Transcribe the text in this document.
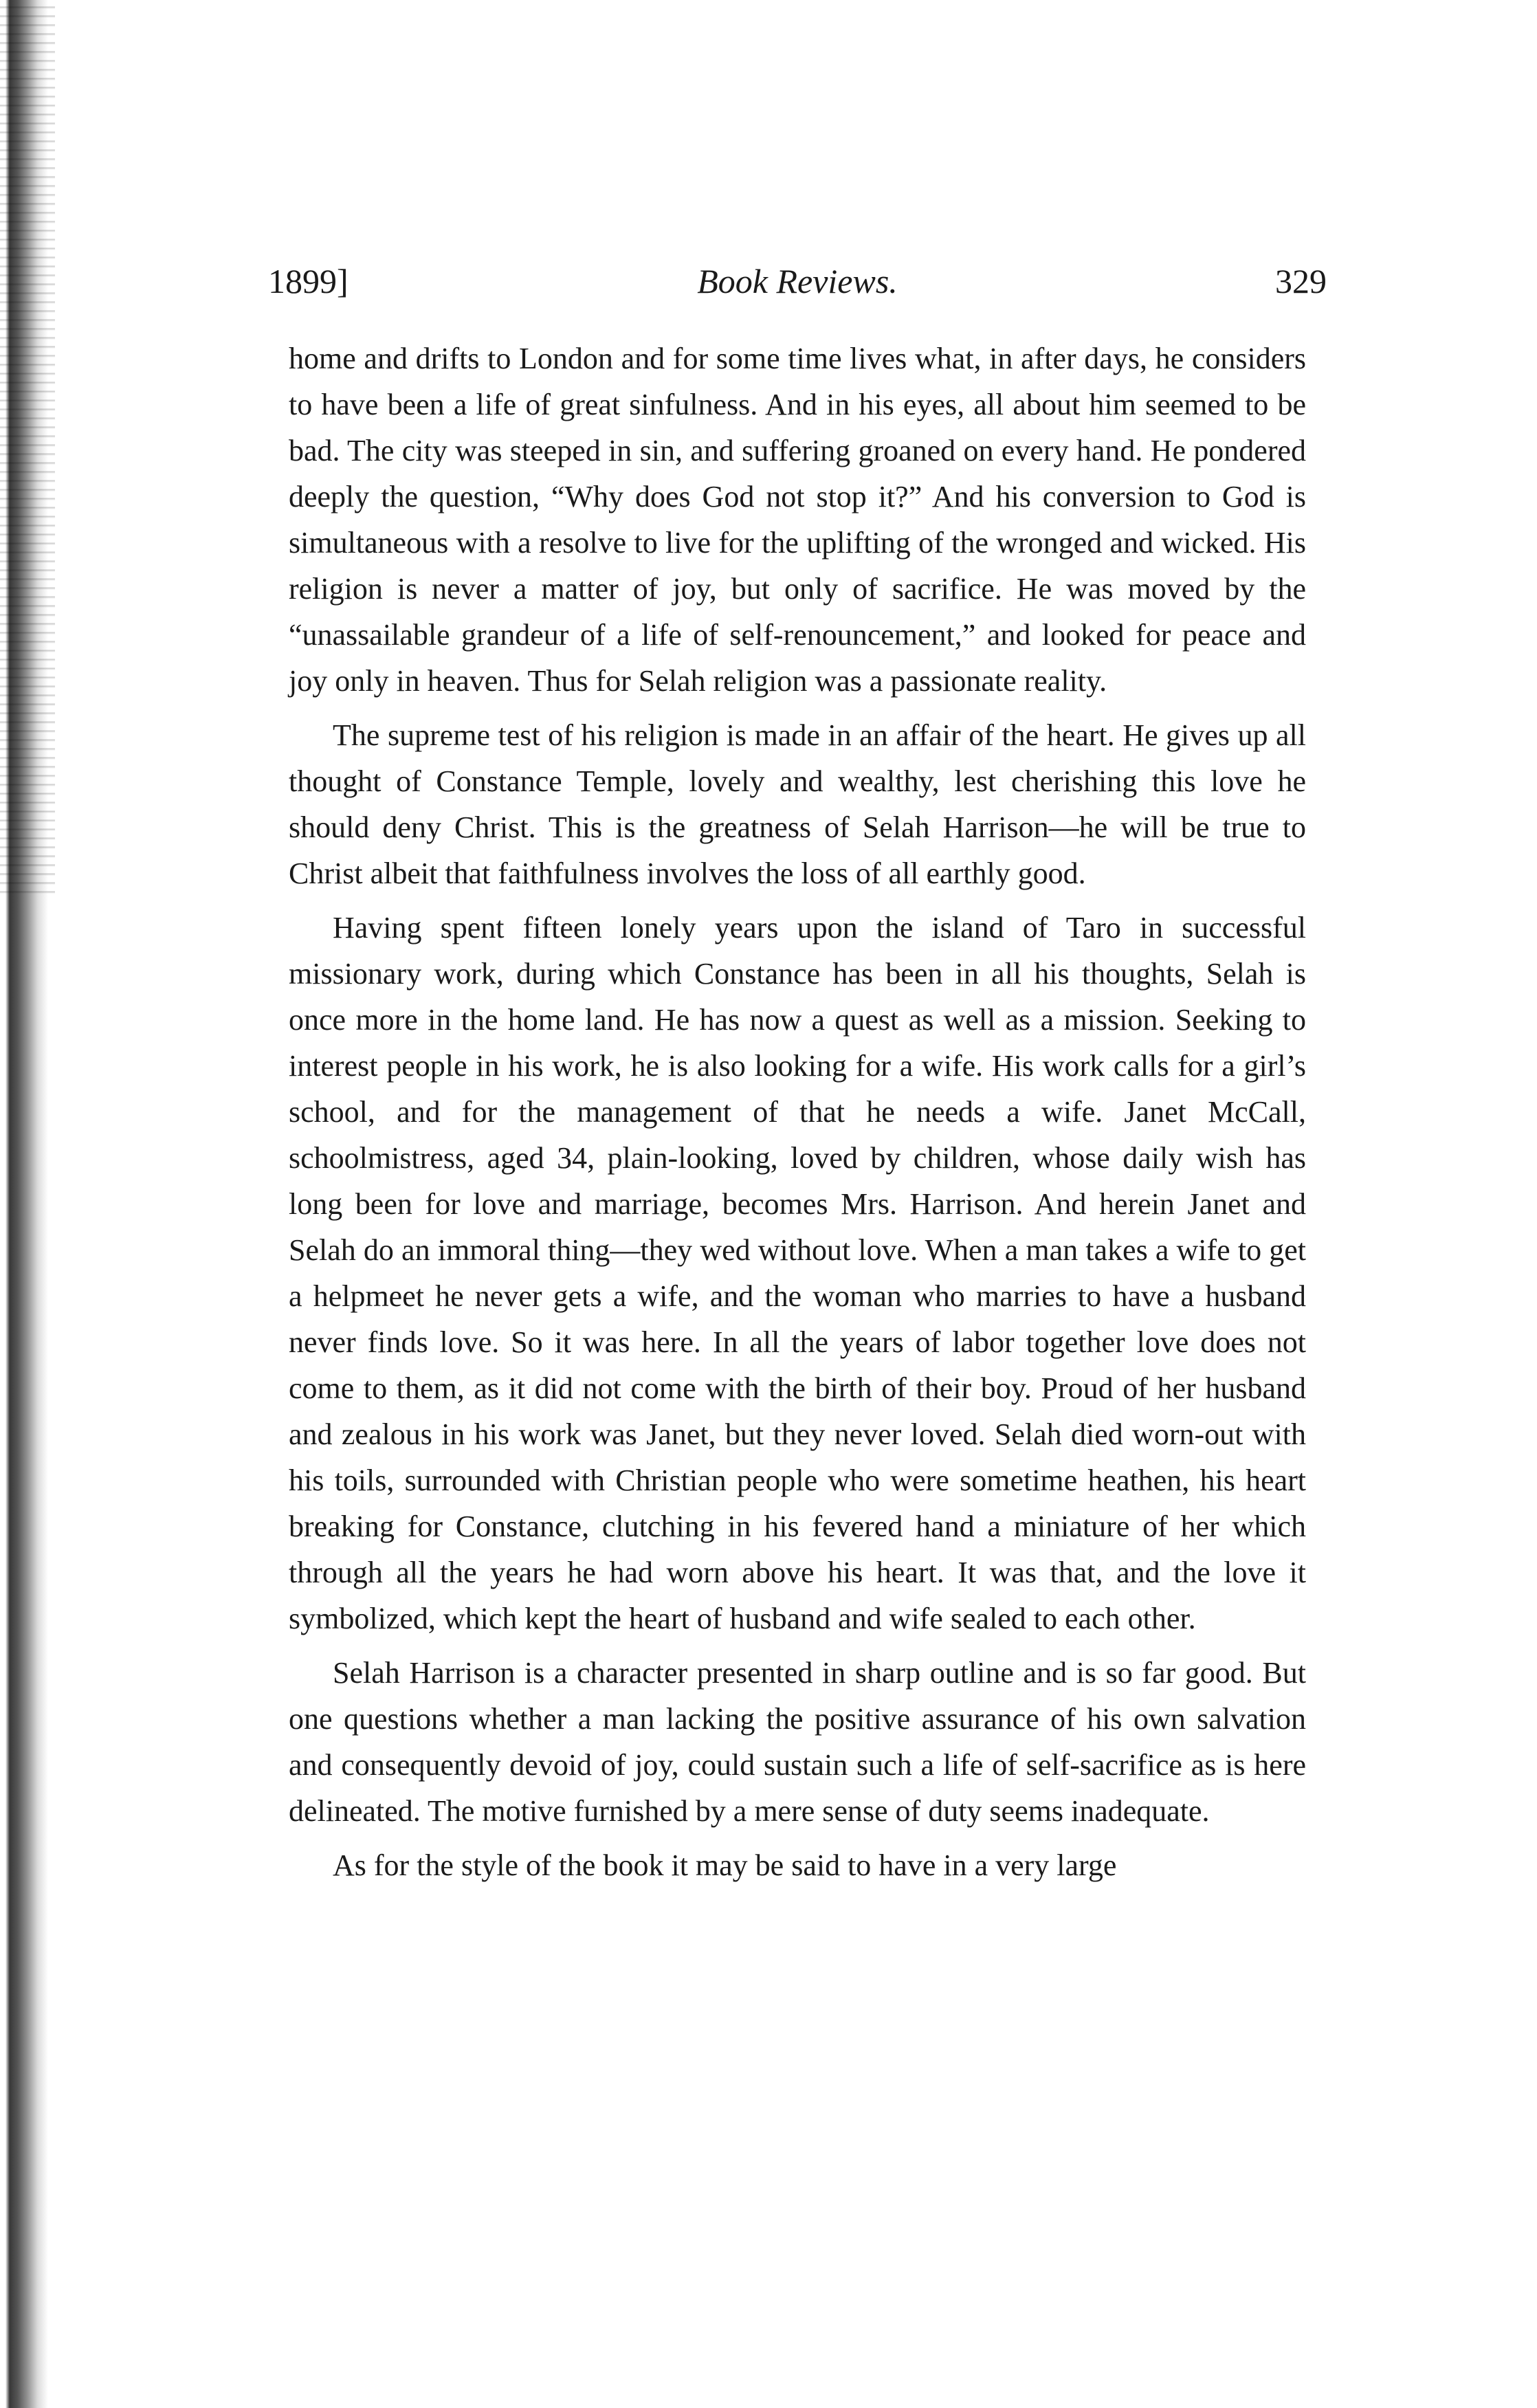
1899]	Book Reviews.	329

home and drifts to London and for some time lives what, in after days, he considers to have been a life of great sinfulness. And in his eyes, all about him seemed to be bad. The city was steeped in sin, and suffering groaned on every hand. He pondered deeply the question, “Why does God not stop it?” And his conversion to God is simultaneous with a resolve to live for the uplifting of the wronged and wicked. His religion is never a matter of joy, but only of sacrifice. He was moved by the “unassailable grandeur of a life of self-renouncement,” and looked for peace and joy only in heaven. Thus for Selah religion was a passionate reality.

The supreme test of his religion is made in an affair of the heart. He gives up all thought of Constance Temple, lovely and wealthy, lest cherishing this love he should deny Christ. This is the greatness of Selah Harrison—he will be true to Christ albeit that faithfulness involves the loss of all earthly good.

Having spent fifteen lonely years upon the island of Taro in successful missionary work, during which Constance has been in all his thoughts, Selah is once more in the home land. He has now a quest as well as a mission. Seeking to interest people in his work, he is also looking for a wife. His work calls for a girl’s school, and for the management of that he needs a wife. Janet McCall, schoolmistress, aged 34, plain-looking, loved by children, whose daily wish has long been for love and marriage, becomes Mrs. Harrison. And herein Janet and Selah do an immoral thing—they wed without love. When a man takes a wife to get a helpmeet he never gets a wife, and the woman who marries to have a husband never finds love. So it was here. In all the years of labor together love does not come to them, as it did not come with the birth of their boy. Proud of her husband and zealous in his work was Janet, but they never loved. Selah died worn-out with his toils, surrounded with Christian people who were sometime heathen, his heart breaking for Constance, clutching in his fevered hand a miniature of her which through all the years he had worn above his heart. It was that, and the love it symbolized, which kept the heart of husband and wife sealed to each other.

Selah Harrison is a character presented in sharp outline and is so far good. But one questions whether a man lacking the positive assurance of his own salvation and consequently devoid of joy, could sustain such a life of self-sacrifice as is here delineated. The motive furnished by a mere sense of duty seems inadequate.

As for the style of the book it may be said to have in a very large
